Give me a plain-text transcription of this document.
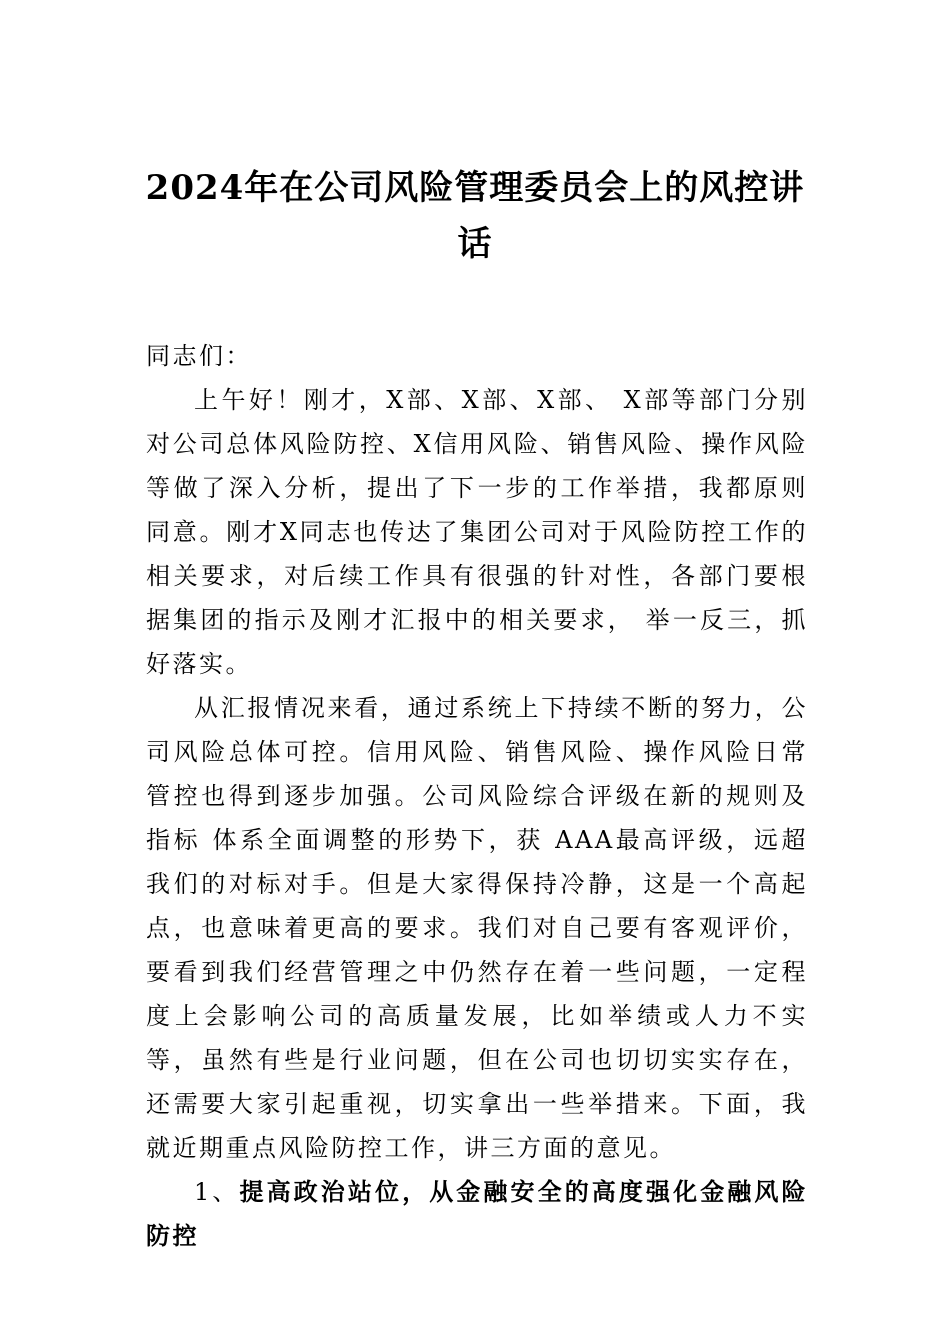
2024年在公司风险管理委员会上的风控讲话

同志们：

上午好！刚才，X部、X部、X部、 X部等部门分别对公司总体风险防控、X信用风险、销售风险、操作风险等做了深入分析，提出了下一步的工作举措，我都原则同意。刚才X同志也传达了集团公司对于风险防控工作的相关要求，对后续工作具有很强的针对性，各部门要根据集团的指示及刚才汇报中的相关要求， 举一反三，抓好落实。

从汇报情况来看，通过系统上下持续不断的努力，公司风险总体可控。信用风险、销售风险、操作风险日常管控也得到逐步加强。公司风险综合评级在新的规则及指标 体系全面调整的形势下，获 AAA最高评级，远超我们的对标对手。但是大家得保持冷静，这是一个高起点，也意味着更高的要求。我们对自己要有客观评价，要看到我们经营管理之中仍然存在着一些问题，一定程度上会影响公司的高质量发展，比如举绩或人力不实等，虽然有些是行业问题，但在公司也切切实实存在，还需要大家引起重视，切实拿出一些举措来。下面，我就近期重点风险防控工作，讲三方面的意见。

1、提高政治站位，从金融安全的高度强化金融风险防控
